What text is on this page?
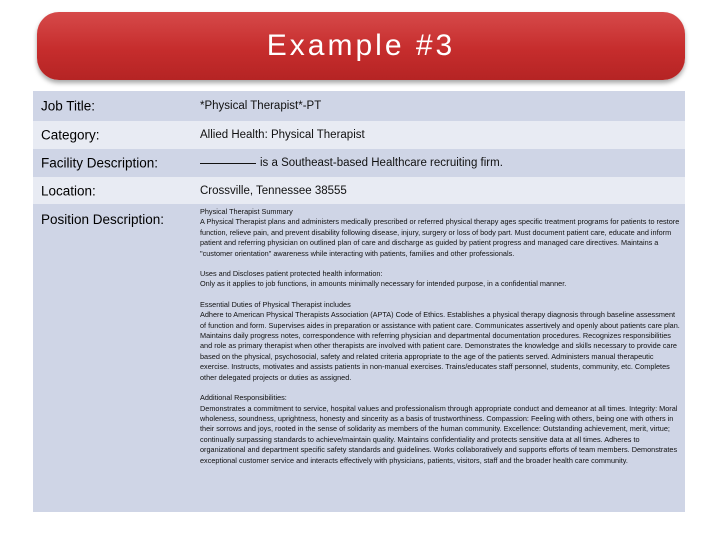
Example #3
Job Title:	*Physical Therapist*-PT
Category:	Allied Health: Physical Therapist
Facility Description:	is a Southeast-based Healthcare recruiting firm.
Location:	Crossville, Tennessee 38555
Position Description:

Physical Therapist Summary
A Physical Therapist plans and administers medically prescribed or referred physical therapy ages specific treatment programs for patients to restore function, relieve pain, and prevent disability following disease, injury, surgery or loss of body part. Must document patient care, educate and inform patient and referring physician on outlined plan of care and discharge as guided by patient progress and managed care directives. Maintains a "customer orientation" awareness while interacting with patients, families and other professionals.

Uses and Discloses patient protected health information:
Only as it applies to job functions, in amounts minimally necessary for intended purpose, in a confidential manner.

Essential Duties of Physical Therapist includes
Adhere to American Physical Therapists Association (APTA) Code of Ethics. Establishes a physical therapy diagnosis through baseline assessment of function and form. Supervises aides in preparation or assistance with patient care. Communicates assertively and openly about patients care plan. Maintains daily progress notes, correspondence with referring physician and departmental documentation procedures. Recognizes responsibilities and role as primary therapist when other therapists are involved with patient care. Demonstrates the knowledge and skills necessary to provide care based on the physical, psychosocial, safety and related criteria appropriate to the age of the patients served. Administers manual therapeutic exercise. Instructs, motivates and assists patients in non-manual exercises. Trains/educates staff personnel, students, community, etc. Completes other delegated projects or duties as assigned.

Additional Responsibilities:
Demonstrates a commitment to service, hospital values and professionalism through appropriate conduct and demeanor at all times. Integrity: Moral wholeness, soundness, uprightness, honesty and sincerity as a basis of trustworthiness. Compassion: Feeling with others, being one with others in their sorrows and joys, rooted in the sense of solidarity as members of the human community. Excellence: Outstanding achievement, merit, virtue; continually surpassing standards to achieve/maintain quality. Maintains confidentiality and protects sensitive data at all times. Adheres to organizational and department specific safety standards and guidelines. Works collaboratively and supports efforts of team members. Demonstrates exceptional customer service and interacts effectively with physicians, patients, visitors, staff and the broader health care community.
